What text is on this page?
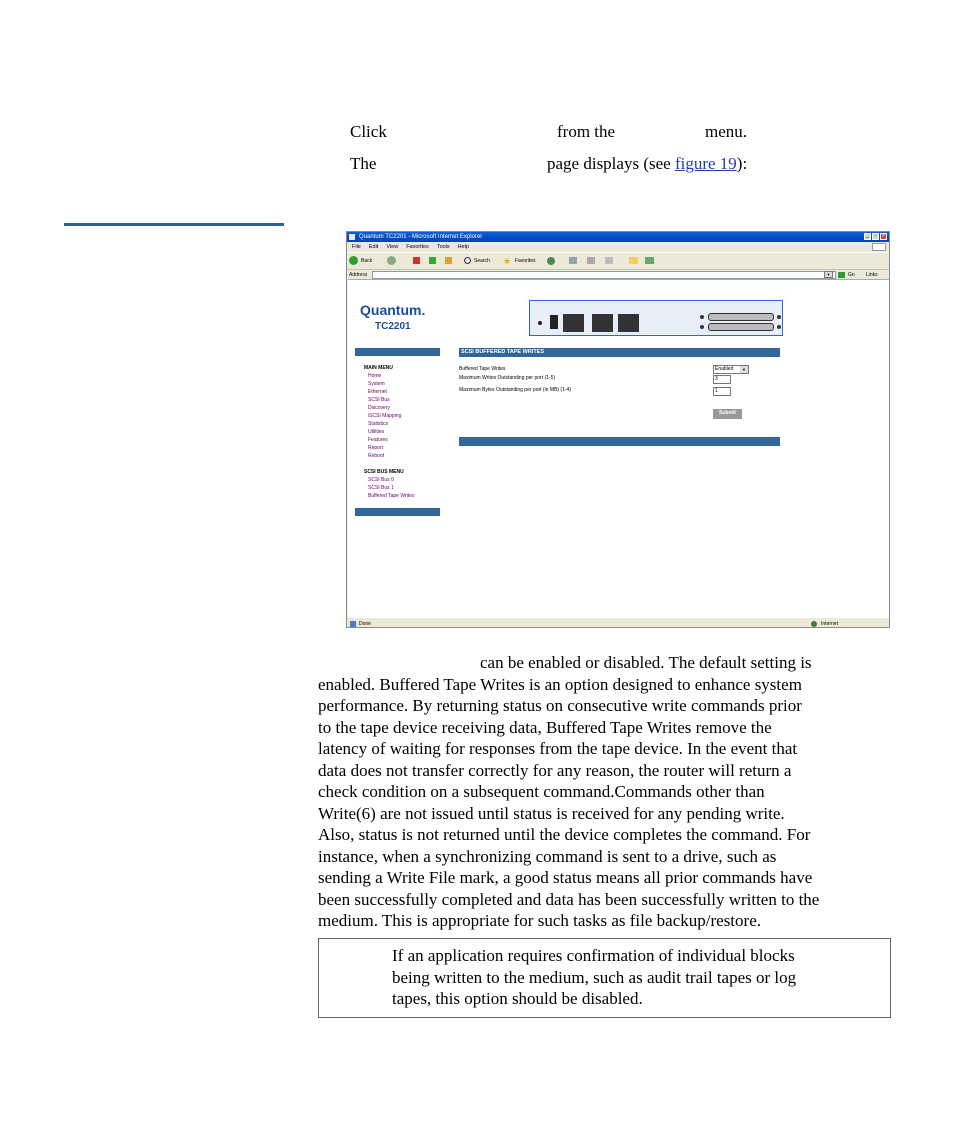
Click	from the	menu.
The	page displays (see figure 19):
Quantum TC2201 - Microsoft Internet Explorer	_	▫	×
File Edit View Favorites Tools Help
Back	Search ★ Favorites
Address	▼	Go Links
Quantum.
TC2201
MAIN MENU
Home
System
Ethernet
SCSI Bus
Discovery
iSCSI Mapping
Statistics
Utilities
Features
Report
Reboot
SCSI BUS MENU
SCSI Bus 0
SCSI Bus 1
Buffered Tape Writes
SCSI BUFFERED TAPE WRITES
Buffered Tape Writes	Enabled	▼
Maximum Writes Outstanding per port (1-5)	3
Maximum Bytes Outstanding per port (in MB) (1-4)	1
Submit
Done	Internet
can be enabled or disabled. The default setting is
enabled. Buffered Tape Writes is an option designed to enhance system
performance. By returning status on consecutive write commands prior
to the tape device receiving data, Buffered Tape Writes remove the
latency of waiting for responses from the tape device. In the event that
data does not transfer correctly for any reason, the router will return a
check condition on a subsequent command.Commands other than
Write(6) are not issued until status is received for any pending write.
Also, status is not returned until the device completes the command. For
instance, when a synchronizing command is sent to a drive, such as
sending a Write File mark, a good status means all prior commands have
been successfully completed and data has been successfully written to the
medium. This is appropriate for such tasks as file backup/restore.
If an application requires confirmation of individual blocks
being written to the medium, such as audit trail tapes or log
tapes, this option should be disabled.
